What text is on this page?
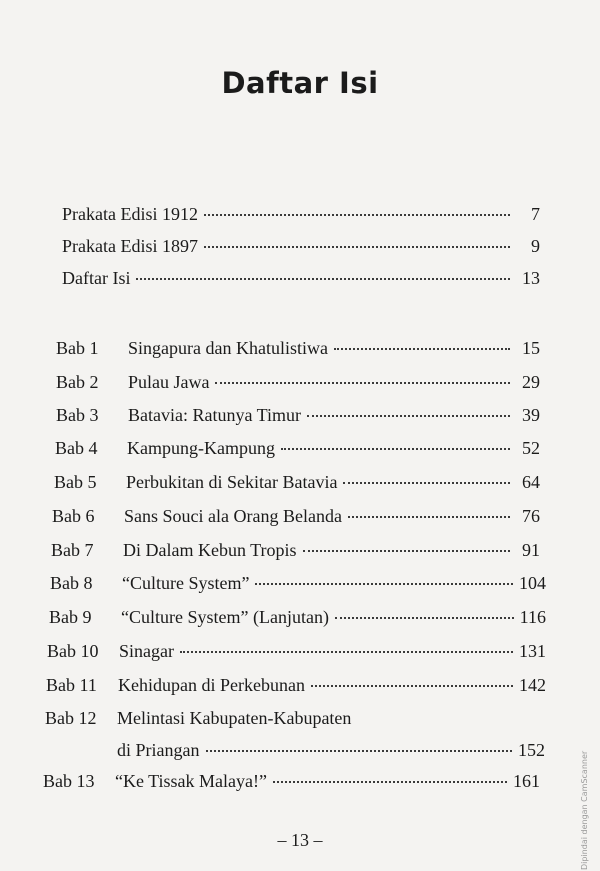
Daftar Isi
Prakata Edisi 1912	7
Prakata Edisi 1897	9
Daftar Isi	13
Bab 1	Singapura dan Khatulistiwa	15
Bab 2	Pulau Jawa	29
Bab 3	Batavia: Ratunya Timur	39
Bab 4	Kampung-Kampung	52
Bab 5	Perbukitan di Sekitar Batavia	64
Bab 6	Sans Souci ala Orang Belanda	76
Bab 7	Di Dalam Kebun Tropis	91
Bab 8	“Culture System”	104
Bab 9	“Culture System” (Lanjutan)	116
Bab 10	Sinagar	131
Bab 11	Kehidupan di Perkebunan	142
Bab 12	Melintasi Kabupaten-Kabupaten
di Priangan	152
Bab 13	“Ke Tissak Malaya!”	161
– 13 –	Dipindai dengan CamScanner
